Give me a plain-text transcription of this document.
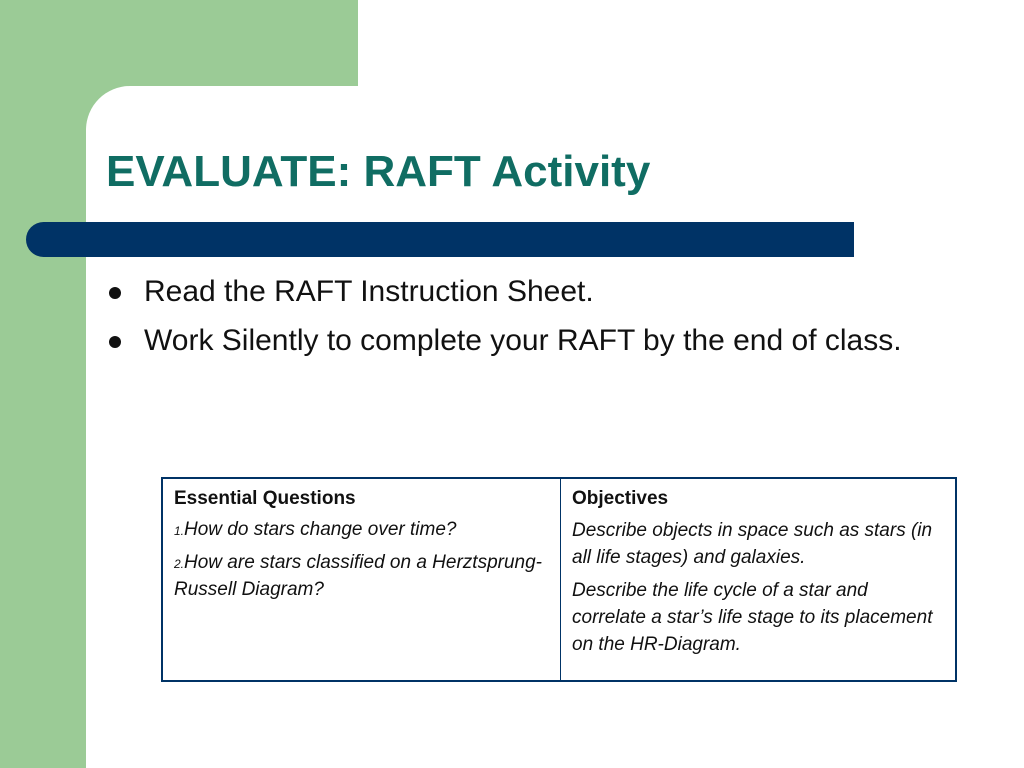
EVALUATE: RAFT Activity
Read the RAFT Instruction Sheet.
Work Silently to complete your RAFT by the end of class.
Essential Questions
1.How do stars change over time?
2.How are stars classified on a Herztsprung-Russell Diagram?
Objectives
Describe objects in space such as stars (in all life stages) and galaxies.
Describe the life cycle of a star and correlate a star’s life stage to its placement on the HR-Diagram.
